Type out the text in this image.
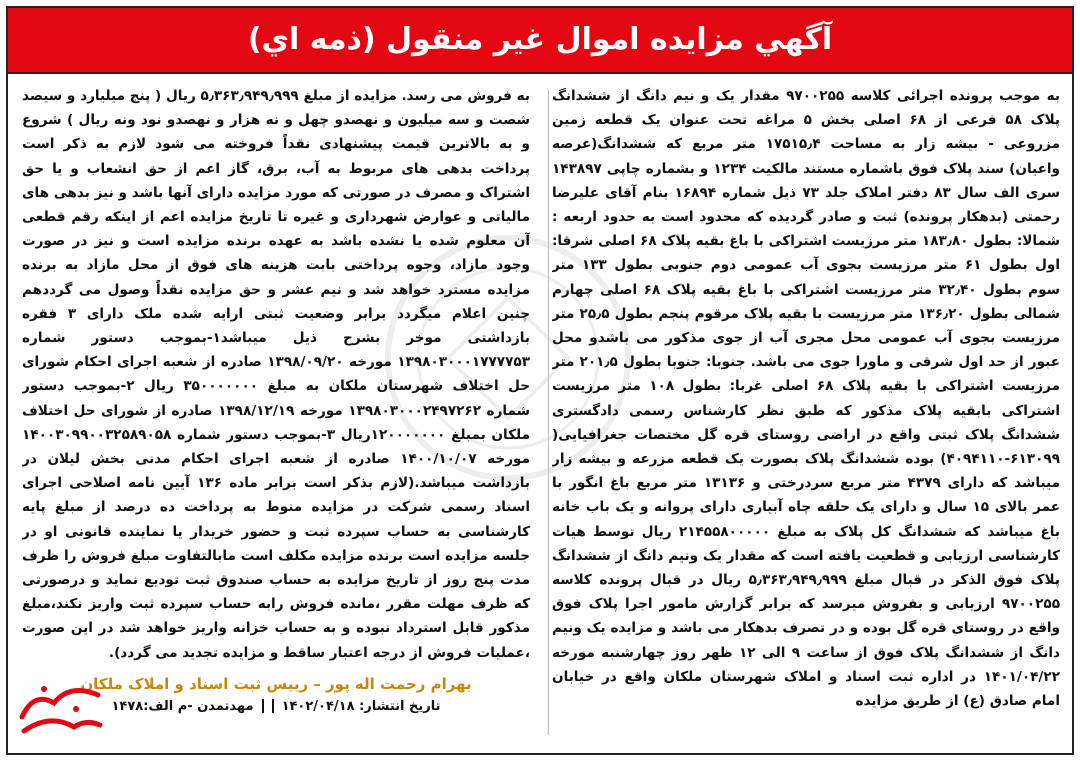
آگهي مزايده اموال غير منقول (ذمه اي)

به موجب پرونده اجرائی کلاسه ۹۷۰۰۲۵۵ مقدار یک و نیم دانگ از ششدانگ پلاک ۵۸ فرعی از ۶۸ اصلی بخش ۵ مراغه تحت عنوان یک قطعه زمین مزروعی - بیشه زار به مساحت ۱۷۵۱۵٫۴ متر مربع که ششدانگ(عرصه واعیان) سند پلاک فوق باشماره مستند مالکیت ۱۲۳۴ و بشماره چاپی ۱۴۳۸۹۷ سری الف سال ۸۳ دفتر املاک جلد ۷۳ ذیل شماره ۱۶۸۹۴ بنام آقای علیرضا رحمتی (بدهکار پرونده) ثبت و صادر گردیده که محدود است به حدود اربعه : شمالا: بطول ۱۸۳٫۸۰ متر مرزیست اشتراکی با باغ بقیه پلاک ۶۸ اصلی شرقا: اول بطول ۶۱ متر مرزیست بجوی آب عمومی دوم جنوبی بطول ۱۳۳ متر سوم بطول ۳۲٫۴۰ متر مرزیست اشتراکی با باغ بقیه پلاک ۶۸ اصلی چهارم شمالی بطول ۱۳۶٫۲۰ متر مرزیست با بقیه پلاک مرقوم پنجم بطول ۲۵٫۵ متر مرزیست بجوی آب عمومی محل مجری آب از جوی مذکور می باشدو محل عبور از حد اول شرقی و ماورا جوی می باشد. جنوبا: جنوبا بطول ۲۰۱٫۵ متر مرزیست اشتراکی با بقیه پلاک ۶۸ اصلی غربا: بطول ۱۰۸ متر مرزیست اشتراکی بابقیه پلاک مذکور که طبق نظر کارشناس رسمی دادگستری ششدانگ پلاک ثبتی واقع در اراضی روستای قره گل مختصات جغرافیایی( ۶۱۳۰۹۹-۴۰۹۴۱۱۰) بوده ششدانگ پلاک بصورت یک قطعه مزرعه و بیشه زار میباشد که دارای ۴۳۷۹ متر مربع سردرختی و ۱۳۱۳۶ متر مربع باغ انگور با عمر بالای ۱۵ سال و دارای یک حلقه چاه آبیاری دارای پروانه و یک باب خانه باغ میباشد که ششدانگ کل پلاک به مبلغ ۲۱۴۵۵۸۰۰۰۰۰ ریال توسط هیات کارشناسی ارزیابی و قطعیت یافته است که مقدار یک ونیم دانگ از ششدانگ پلاک فوق الذکر در قبال مبلغ ۵٫۳۶۳٫۹۴۹٫۹۹۹ ریال در قبال پرونده کلاسه ۹۷۰۰۲۵۵ ارزیابی و بفروش میرسد که برابر گزارش مامور اجرا پلاک فوق واقع در روستای قره گل بوده و در تصرف بدهکار می باشد و مزایده یک ونیم دانگ از ششدانگ پلاک فوق از ساعت ۹ الی ۱۲ ظهر روز چهارشنبه مورخه ۱۴۰۱/۰۴/۲۲ در اداره ثبت اسناد و املاک شهرستان ملکان واقع در خیابان امام صادق (ع) از طریق مزایده

به فروش می رسد. مزایده از مبلغ ۵٫۳۶۳٫۹۴۹٫۹۹۹ ریال ( پنج میلیارد و سیصد شصت و سه میلیون و نهصدو چهل و نه هزار و نهصدو نود ونه ریال ) شروع و به بالاترین قیمت پیشنهادی نقداً فروخته می شود لازم به ذکر است پرداخت بدهی های مربوط به آب، برق، گاز اعم از حق انشعاب و یا حق اشتراک و مصرف در صورتی که مورد مزایده دارای آنها باشد و نیز بدهی های مالیاتی و عوارض شهرداری و غیره تا تاریخ مزایده اعم از اینکه رقم قطعی آن معلوم شده یا نشده باشد به عهده برنده مزایده است و نیز در صورت وجود مازاد، وجوه پرداختی بابت هزینه های فوق از محل مازاد به برنده مزایده مسترد خواهد شد و نیم عشر و حق مزایده نقداً وصول می گرددهم چنین اعلام میگردد برابر وضعیت ثبتی ارایه شده ملک دارای ۳ فقره بازداشتی موخر بشرح ذیل میباشد۱-بموجب دستور شماره ۱۳۹۸۰۳۰۰۰۱۷۷۷۷۵۳ مورخه ۱۳۹۸/۰۹/۲۰ صادره از شعبه اجرای احکام شورای حل اختلاف شهرستان ملکان به مبلغ ۳۵۰۰۰۰۰۰۰ ریال ۲-بموجب دستور شماره ۱۳۹۸۰۳۰۰۰۲۴۹۷۲۶۲ مورخه ۱۳۹۸/۱۲/۱۹ صادره از شورای حل اختلاف ملکان بمبلغ ۱۲۰۰۰۰۰۰۰ریال ۳-بموجب دستور شماره ۱۴۰۰۳۰۹۹۰۰۳۲۵۸۹۰۵۸ مورخه ۱۴۰۰/۱۰/۰۷ صادره از شعبه اجرای احکام مدنی بخش لیلان در بازداشت میباشد.(لازم بذکر است برابر ماده ۱۳۶ آیین نامه اصلاحی اجرای اسناد رسمی شرکت در مزایده منوط به پرداخت ده درصد از مبلغ پایه کارشناسی به حساب سپرده ثبت و حضور خریدار یا نماینده قانونی او در جلسه مزایده است برنده مزایده مکلف است مابالتفاوت مبلغ فروش را ظرف مدت پنج روز از تاریخ مزایده به حساب صندوق ثبت تودیع نماید و درصورتی که ظرف مهلت مقرر ،مانده فروش رابه حساب سپرده ثبت واریز نکند،مبلغ مذکور قابل استرداد نبوده و به حساب خزانه واریز خواهد شد در این صورت ،عملیات فروش از درجه اعتبار ساقط و مزایده تجدید می گردد).

بهرام رحمت اله پور – رییس ثبت اسناد و املاک ملکان
تاریخ انتشار: ۱۴۰۲/۰۴/۱۸
مهدتمدن -م الف:۱۴۷۸
